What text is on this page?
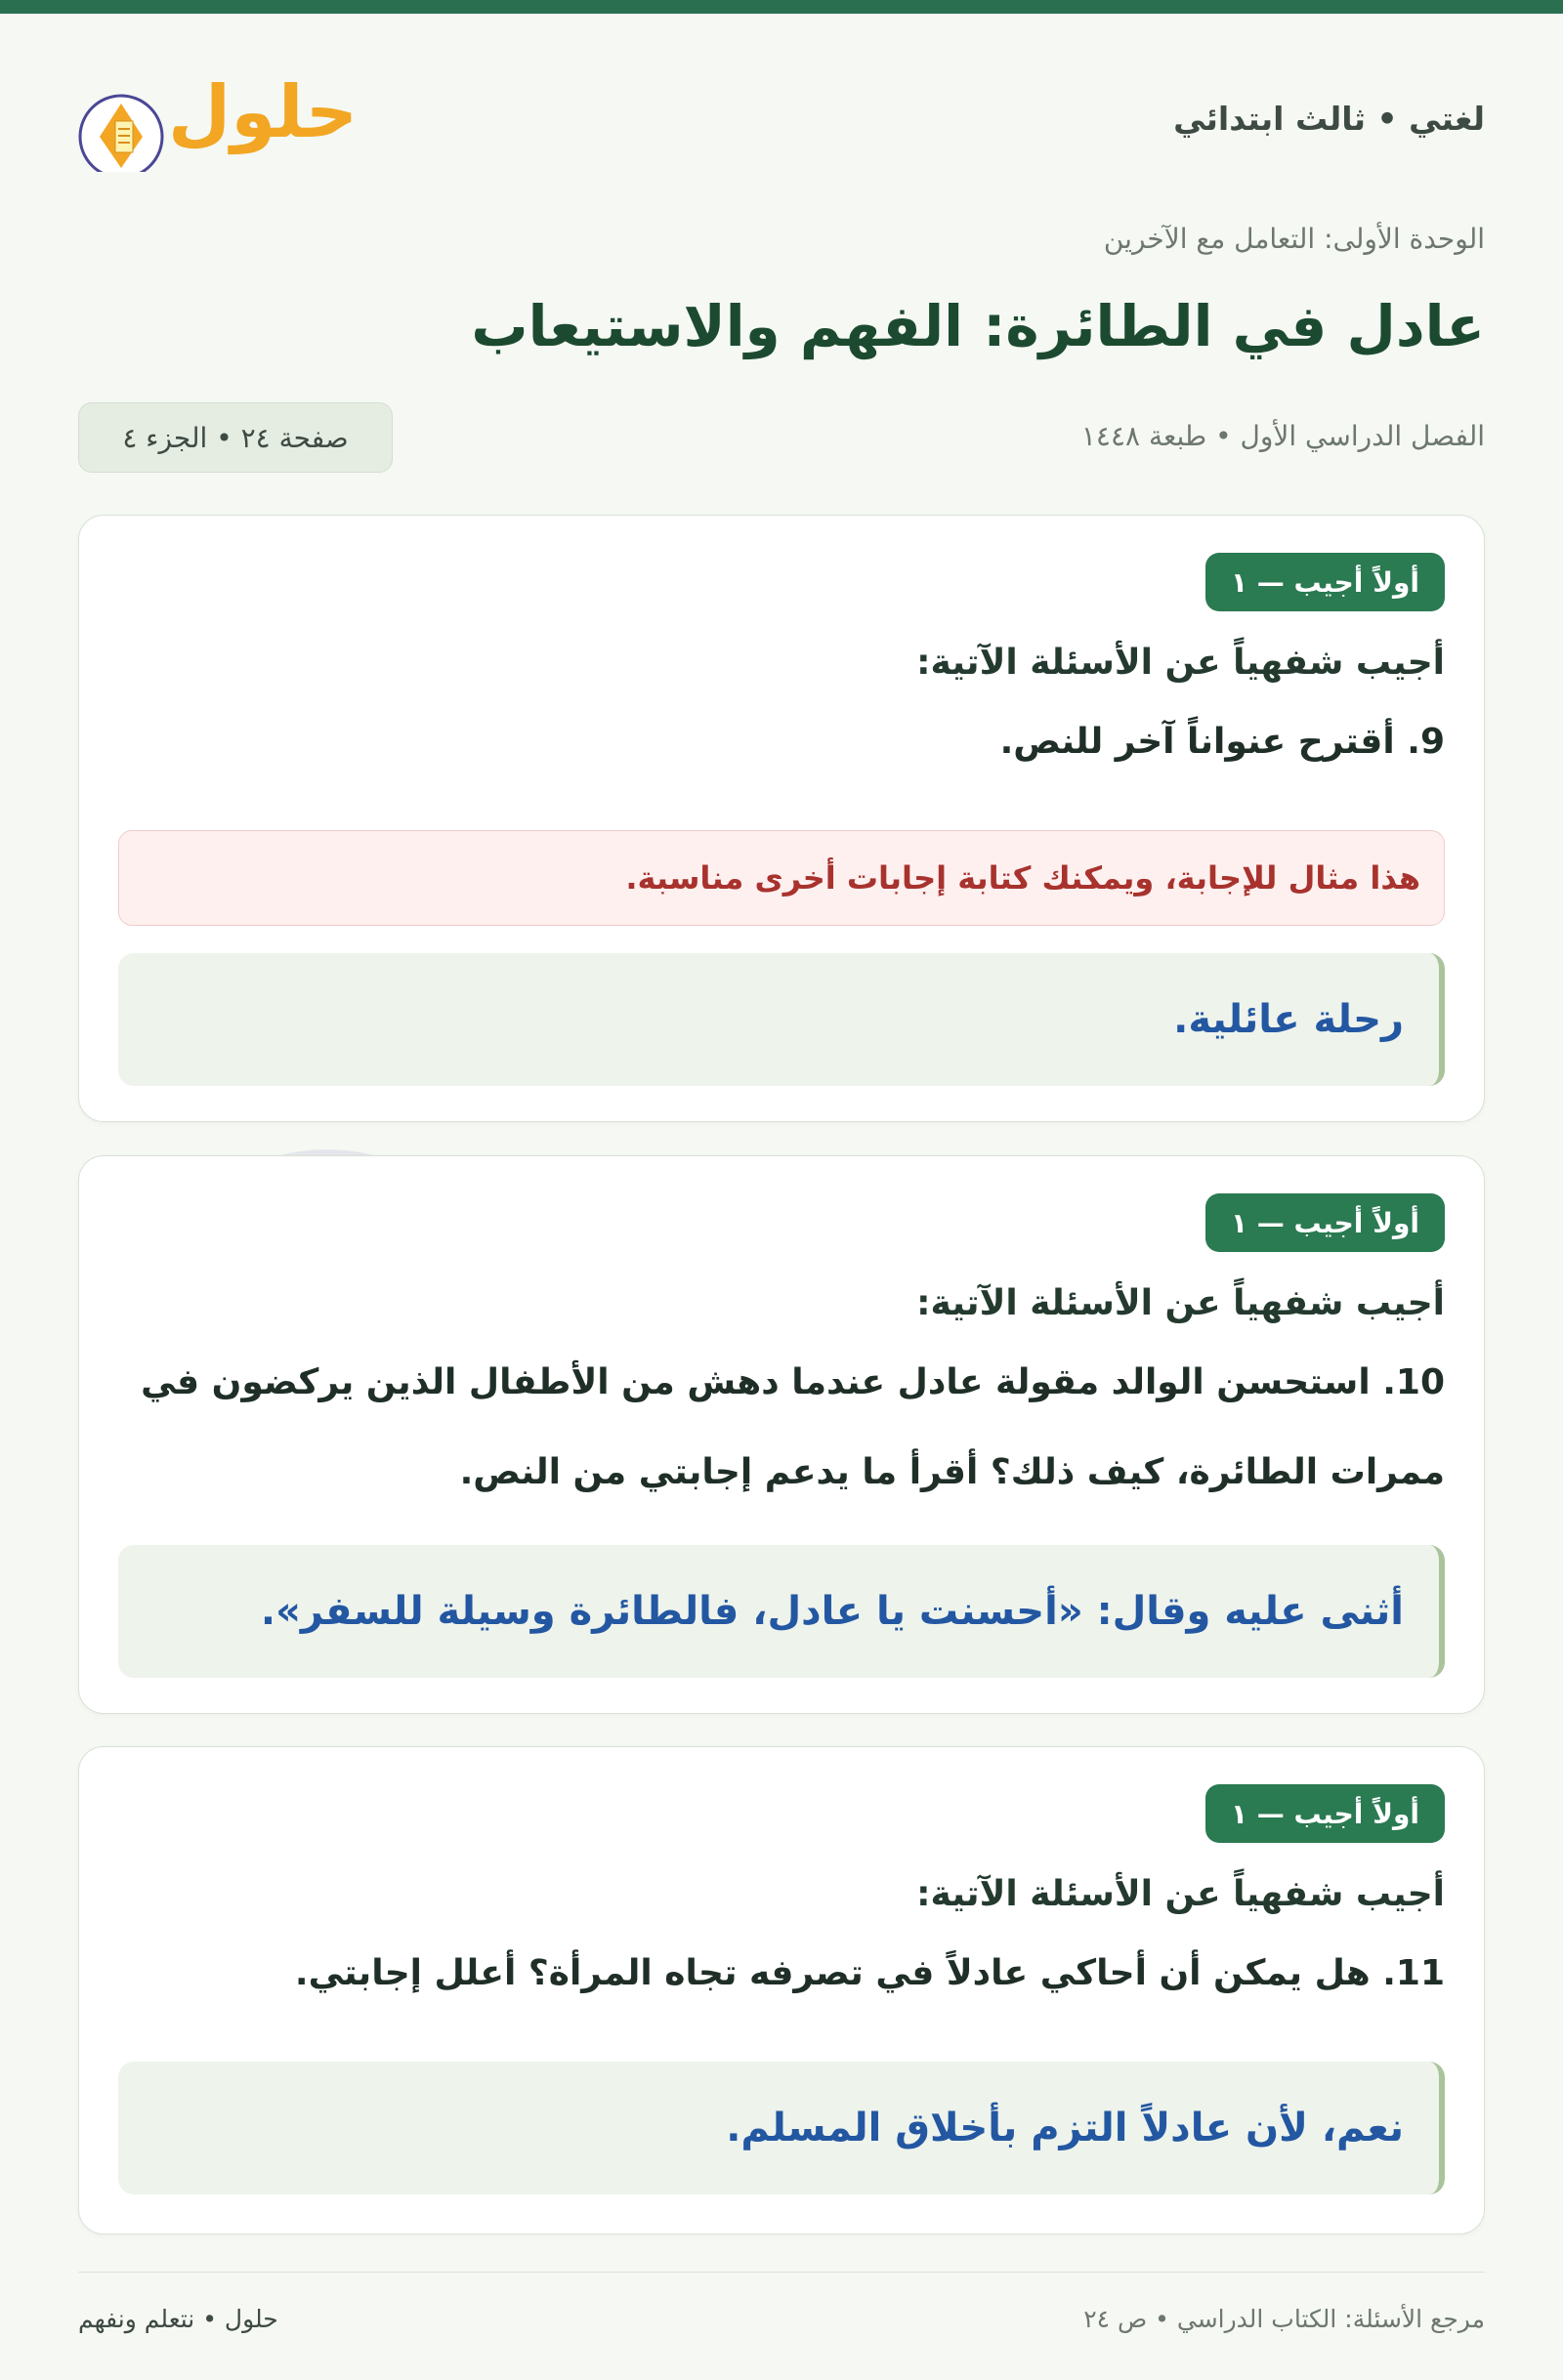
حلول	لغتي • ثالث ابتدائي
الوحدة الأولى: التعامل مع الآخرين
عادل في الطائرة: الفهم والاستيعاب
الفصل الدراسي الأول • طبعة ١٤٤٨
صفحة ٢٤ • الجزء ٤
أولاً أجيب — ١
أجيب شفهياً عن الأسئلة الآتية:
9. أقترح عنواناً آخر للنص.
هذا مثال للإجابة، ويمكنك كتابة إجابات أخرى مناسبة.
رحلة عائلية.
أولاً أجيب — ١
أجيب شفهياً عن الأسئلة الآتية:
10. استحسن الوالد مقولة عادل عندما دهش من الأطفال الذين يركضون في ممرات الطائرة، كيف ذلك؟ أقرأ ما يدعم إجابتي من النص.
أثنى عليه وقال: «أحسنت يا عادل، فالطائرة وسيلة للسفر».
أولاً أجيب — ١
أجيب شفهياً عن الأسئلة الآتية:
11. هل يمكن أن أحاكي عادلاً في تصرفه تجاه المرأة؟ أعلل إجابتي.
نعم، لأن عادلاً التزم بأخلاق المسلم.
مرجع الأسئلة: الكتاب الدراسي • ص ٢٤
حلول • نتعلم ونفهم
